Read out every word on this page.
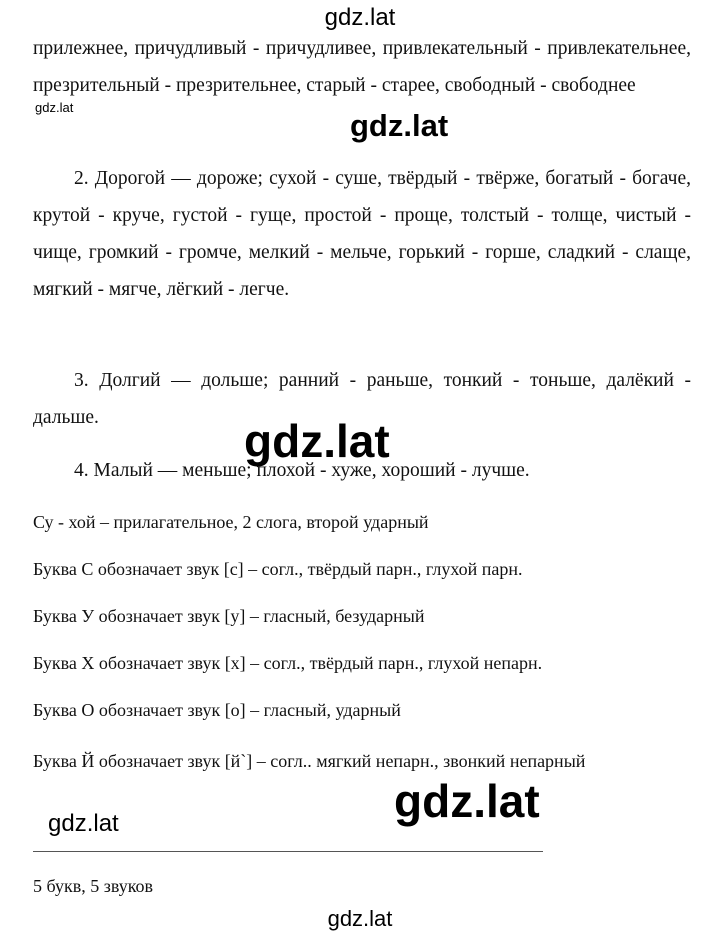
gdz.lat
прилежнее, причудливый - причудливее, привлекательный - привлекательнее, презрительный - презрительнее, старый - старее, свободный - свободнее
gdz.lat
gdz.lat
2. Дорогой — дороже; сухой - суше, твёрдый - твёрже, богатый - богаче, крутой - круче, густой - гуще, простой - проще, толстый - толще, чистый - чище, громкий - громче, мелкий - мельче, горький - горше, сладкий - слаще, мягкий - мягче, лёгкий - легче.
3. Долгий — дольше; ранний - раньше, тонкий - тоньше, далёкий - дальше.	gdz.lat
4. Малый — меньше; плохой - хуже, хороший - лучше.
Су - хой – прилагательное, 2 слога, второй ударный
Буква С обозначает звук [с] – согл., твёрдый парн., глухой парн.
Буква У обозначает звук [у] – гласный, безударный
Буква Х обозначает звук [х] – согл., твёрдый парн., глухой непарн.
Буква О обозначает звук [о] – гласный, ударный
Буква Й обозначает звук [й`] – согл.. мягкий непарн., звонкий непарный
gdz.lat
gdz.lat
5 букв, 5 звуков
gdz.lat
